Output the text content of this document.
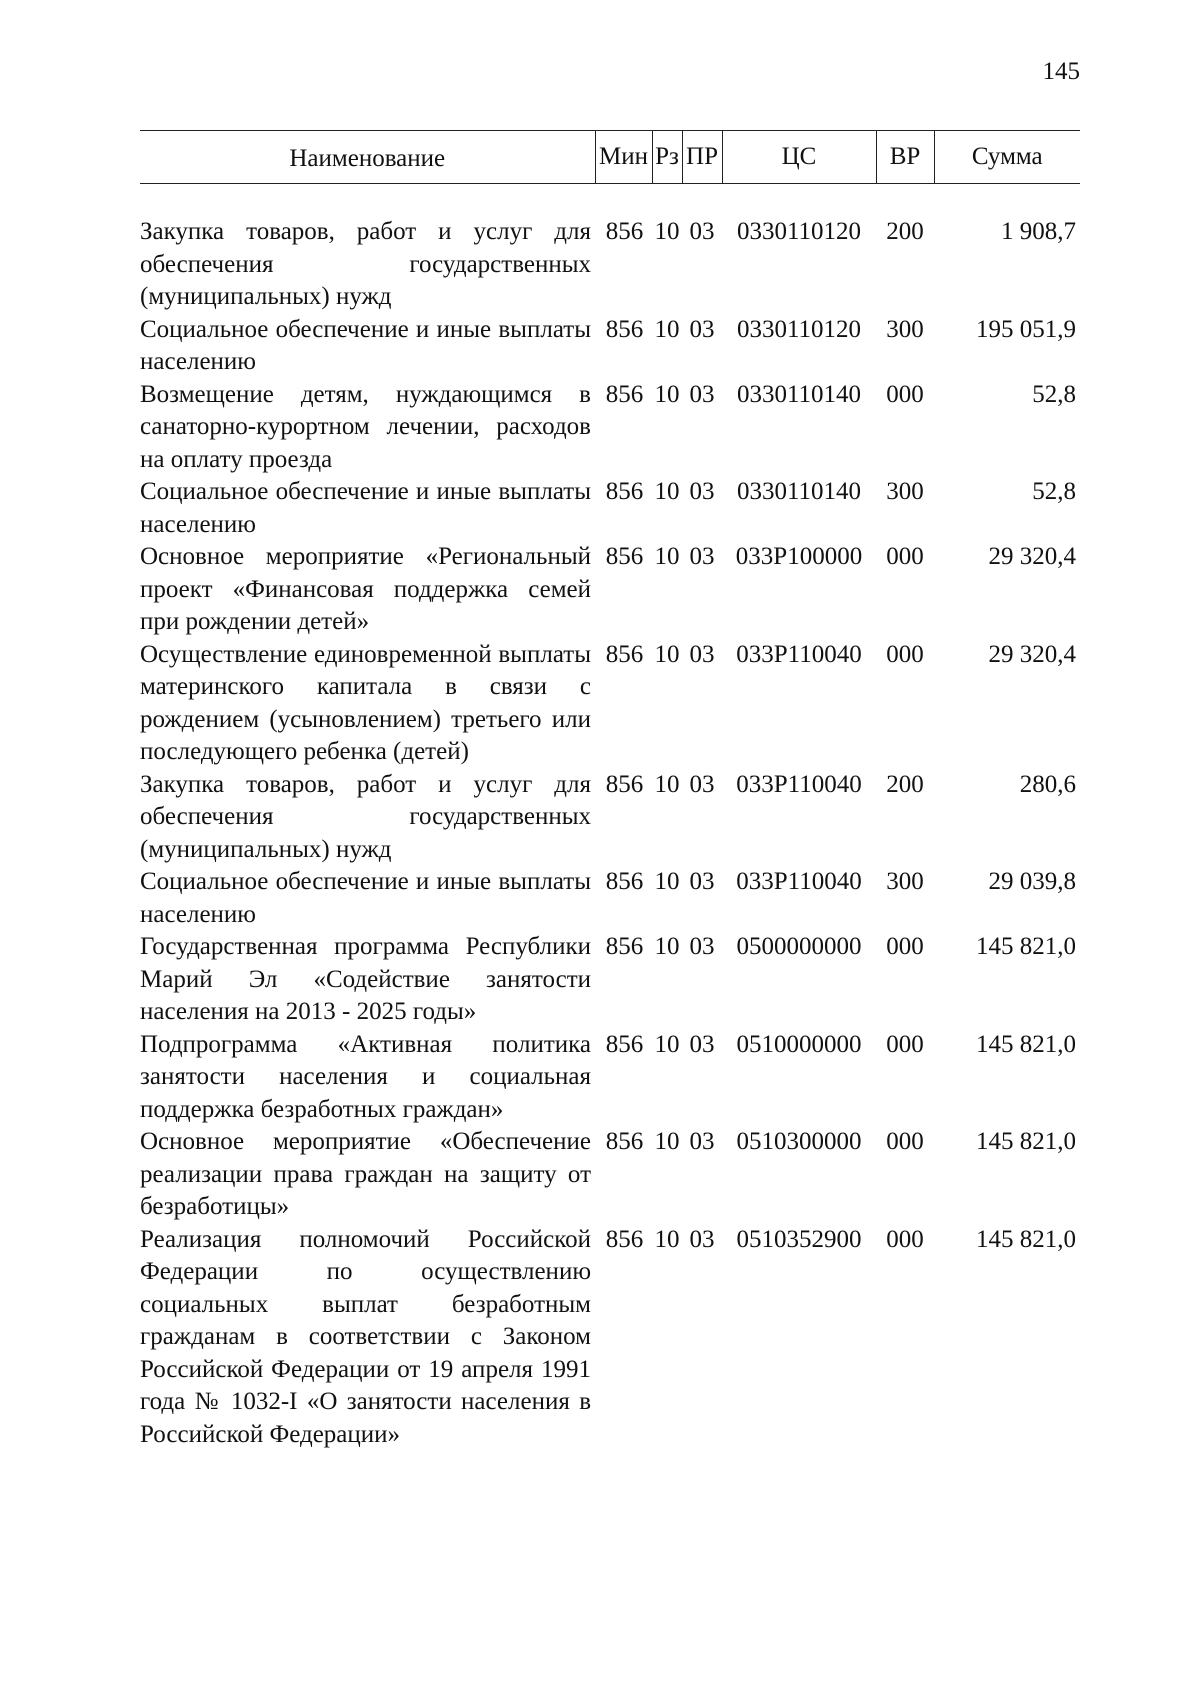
145
Наименование	Мин	Рз	ПР	ЦС	ВР	Сумма

Закупка товаров, работ и услуг для обеспечения государственных (муниципальных) нужд	856	10	03	0330110120	200	1 908,7
Социальное обеспечение и иные выплаты населению	856	10	03	0330110120	300	195 051,9
Возмещение детям, нуждающимся в санаторно-курортном лечении, расходов на оплату проезда	856	10	03	0330110140	000	52,8
Социальное обеспечение и иные выплаты населению	856	10	03	0330110140	300	52,8
Основное мероприятие «Региональный проект «Финансовая поддержка семей при рождении детей»	856	10	03	033P100000	000	29 320,4
Осуществление единовременной выплаты материнского капитала в связи с рождением (усыновлением) третьего или последующего ребенка (детей)	856	10	03	033P110040	000	29 320,4
Закупка товаров, работ и услуг для обеспечения государственных (муниципальных) нужд	856	10	03	033P110040	200	280,6
Социальное обеспечение и иные выплаты населению	856	10	03	033P110040	300	29 039,8
Государственная программа Республики Марий Эл «Содействие занятости населения на 2013 - 2025 годы»	856	10	03	0500000000	000	145 821,0
Подпрограмма «Активная политика занятости населения и социальная поддержка безработных граждан»	856	10	03	0510000000	000	145 821,0
Основное мероприятие «Обеспечение реализации права граждан на защиту от безработицы»	856	10	03	0510300000	000	145 821,0
Реализация полномочий Российской Федерации по осуществлению социальных выплат безработным гражданам в соответствии с Законом Российской Федерации от 19 апреля 1991 года № 1032-I «О занятости населения в Российской Федерации»	856	10	03	0510352900	000	145 821,0
